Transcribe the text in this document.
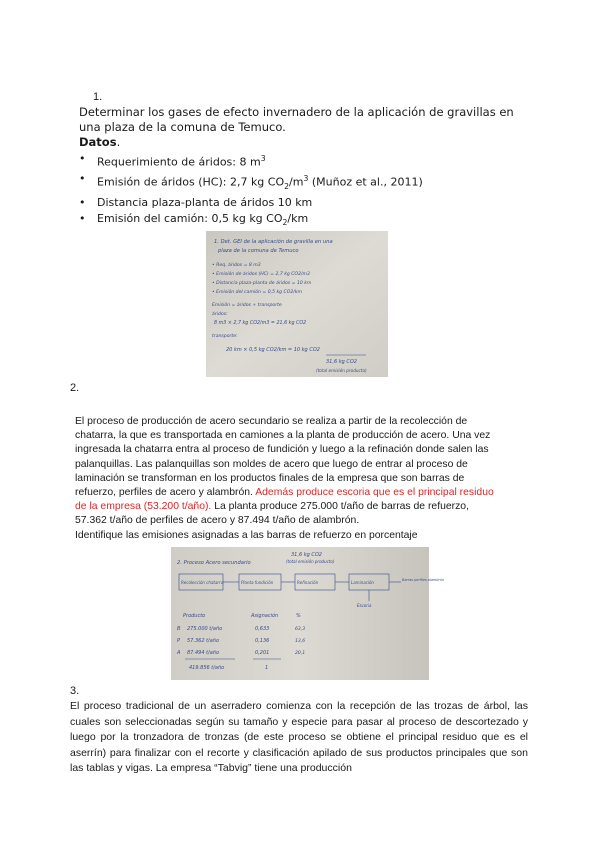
1.
Determinar los gases de efecto invernadero de la aplicación de gravillas en
una plaza de la comuna de Temuco.
Datos.
• Requerimiento de áridos: 8 $m^3$
• Emisión de áridos (HC): 2,7 kg $CO_2/m^3$ (Muñoz et al., 2011)
• Distancia plaza-planta de áridos 10 km
• Emisión del camión: 0,5 kg kg $CO_2/km$
1. Det. GEI de la aplicación de gravilla en una
plaza de la comuna de Temuco
• Req. áridos = 8 m3
• Emisión de áridos (HC) = 2,7 kg CO2/m3
• Distancia plaza-planta de áridos = 10 km
• Emisión del camión = 0,5 kg CO2/km
Emisión = áridos + transporte
áridos:
8 m3 × 2,7 kg CO2/m3 = 21,6 kg CO2
transporte:
20 km × 0,5 kg CO2/km = 10 kg CO2
31,6 kg CO2
(total emisión producto)
2.
El proceso de producción de acero secundario se realiza a partir de la recolección de
chatarra, la que es transportada en camiones a la planta de producción de acero. Una vez
ingresada la chatarra entra al proceso de fundición y luego a la refinación donde salen las
palanquillas. Las palanquillas son moldes de acero que luego de entrar al proceso de
laminación se transforman en los productos finales de la empresa que son barras de
refuerzo, perfiles de acero y alambrón. Además produce escoria que es el principal residuo
de la empresa (53.200 t/año). La planta produce 275.000 t/año de barras de refuerzo,
57.362 t/año de perfiles de acero y 87.494 t/año de alambrón.
Identifique las emisiones asignadas a las barras de refuerzo en porcentaje
31,6 kg CO2
(total emisión producto)
2. Proceso Acero secundario
Recolección chatarra	Planta fundición	Refinación	Laminación	Barras perfiles alambrón
Escoria
Producto	Asignación	%
B 275.000 t/año	0,633	63,3
P 57.362 t/año	0,136	13,6
A 87.494 t/año	0,201	20,1
419.856 t/año	1
3.
El proceso tradicional de un aserradero comienza con la recepción de las trozas de árbol, las cuales son seleccionadas según su tamaño y especie para pasar al proceso de descortezado y luego por la tronzadora de tronzas (de este proceso se obtiene el principal residuo que es el aserrín) para finalizar con el recorte y clasificación apilado de sus productos principales que son las tablas y vigas. La empresa “Tabvig” tiene una producción
